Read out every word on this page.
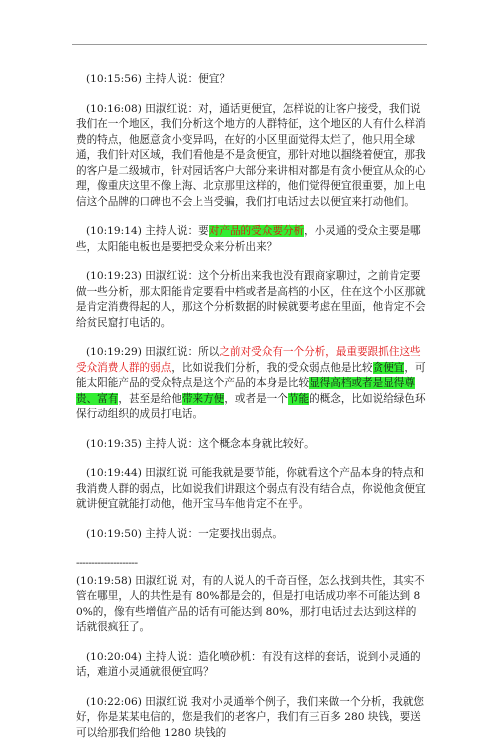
(10:15:56) 主持人说：便宜？

(10:16:08) 田淑红说：对，通话更便宜，怎样说的让客户接受，我们说我们在一个地区，我们分析这个地方的人群特征，这个地区的人有什么样消费的特点，他愿意贪小变异吗，在好的小区里面觉得太烂了，他只用全球通，我们针对区域，我们看他是不是贪便宜，那针对地以掴绕着便宜，那我的客户是二级城市，针对园话客户大部分来讲相对都是有贪小便宜从众的心理，像重庆这里不像上海、北京那里这样的，他们觉得便宜很重要，加上电信这个品牌的口碑也不会上当受骗，我们打电话过去以便宜来打动他们。

(10:19:14) 主持人说：要对产品的受众要分析，小灵通的受众主要是哪些，太阳能电板也是要把受众来分析出来？

(10:19:23) 田淑红说：这个分析出来我也没有跟商家聊过，之前肯定要做一些分析，那太阳能肯定要看中档或者是高档的小区，住在这个小区那就是肯定消费得起的人，那这个分析数据的时候就要考虑在里面，他肯定不会给贫民窟打电话的。

(10:19:29) 田淑红说：所以之前对受众有一个分析，最重要跟抓住这些受众消费人群的弱点，比如说我们分析，我的受众弱点他是比较贪便宜，可能太阳能产品的受众特点是这个产品的本身是比较显得高档或者是显得尊贵、富有，甚至是给他带来方便，或者是一个节能的概念，比如说给绿色环保行动组织的成员打电话。

(10:19:35) 主持人说：这个概念本身就比较好。

(10:19:44) 田淑红说 可能我就是要节能，你就看这个产品本身的特点和我消费人群的弱点，比如说我们讲跟这个弱点有没有结合点，你说他贪便宜就讲便宜就能打动他，他开宝马车他肯定不在乎。

(10:19:50) 主持人说：一定要找出弱点。

--------------------

(10:19:58) 田淑红说 对，有的人说人的千奇百怪，怎么找到共性，其实不管在哪里，人的共性是有 80%都是会的，但是打电话成功率不可能达到 80%的，像有些增值产品的话有可能达到 80%，那打电话过去达到这样的话就很疯狂了。

(10:20:04) 主持人说：造化喷砂机：有没有这样的套话，说到小灵通的话，难道小灵通就很便宜吗？

(10:22:06) 田淑红说 我对小灵通举个例子，我们来做一个分析，我就您好，你是某某电信的，您是我们的老客户，我们有三百多 280 块钱，要送可以给那我们给他 1280 块钱的
